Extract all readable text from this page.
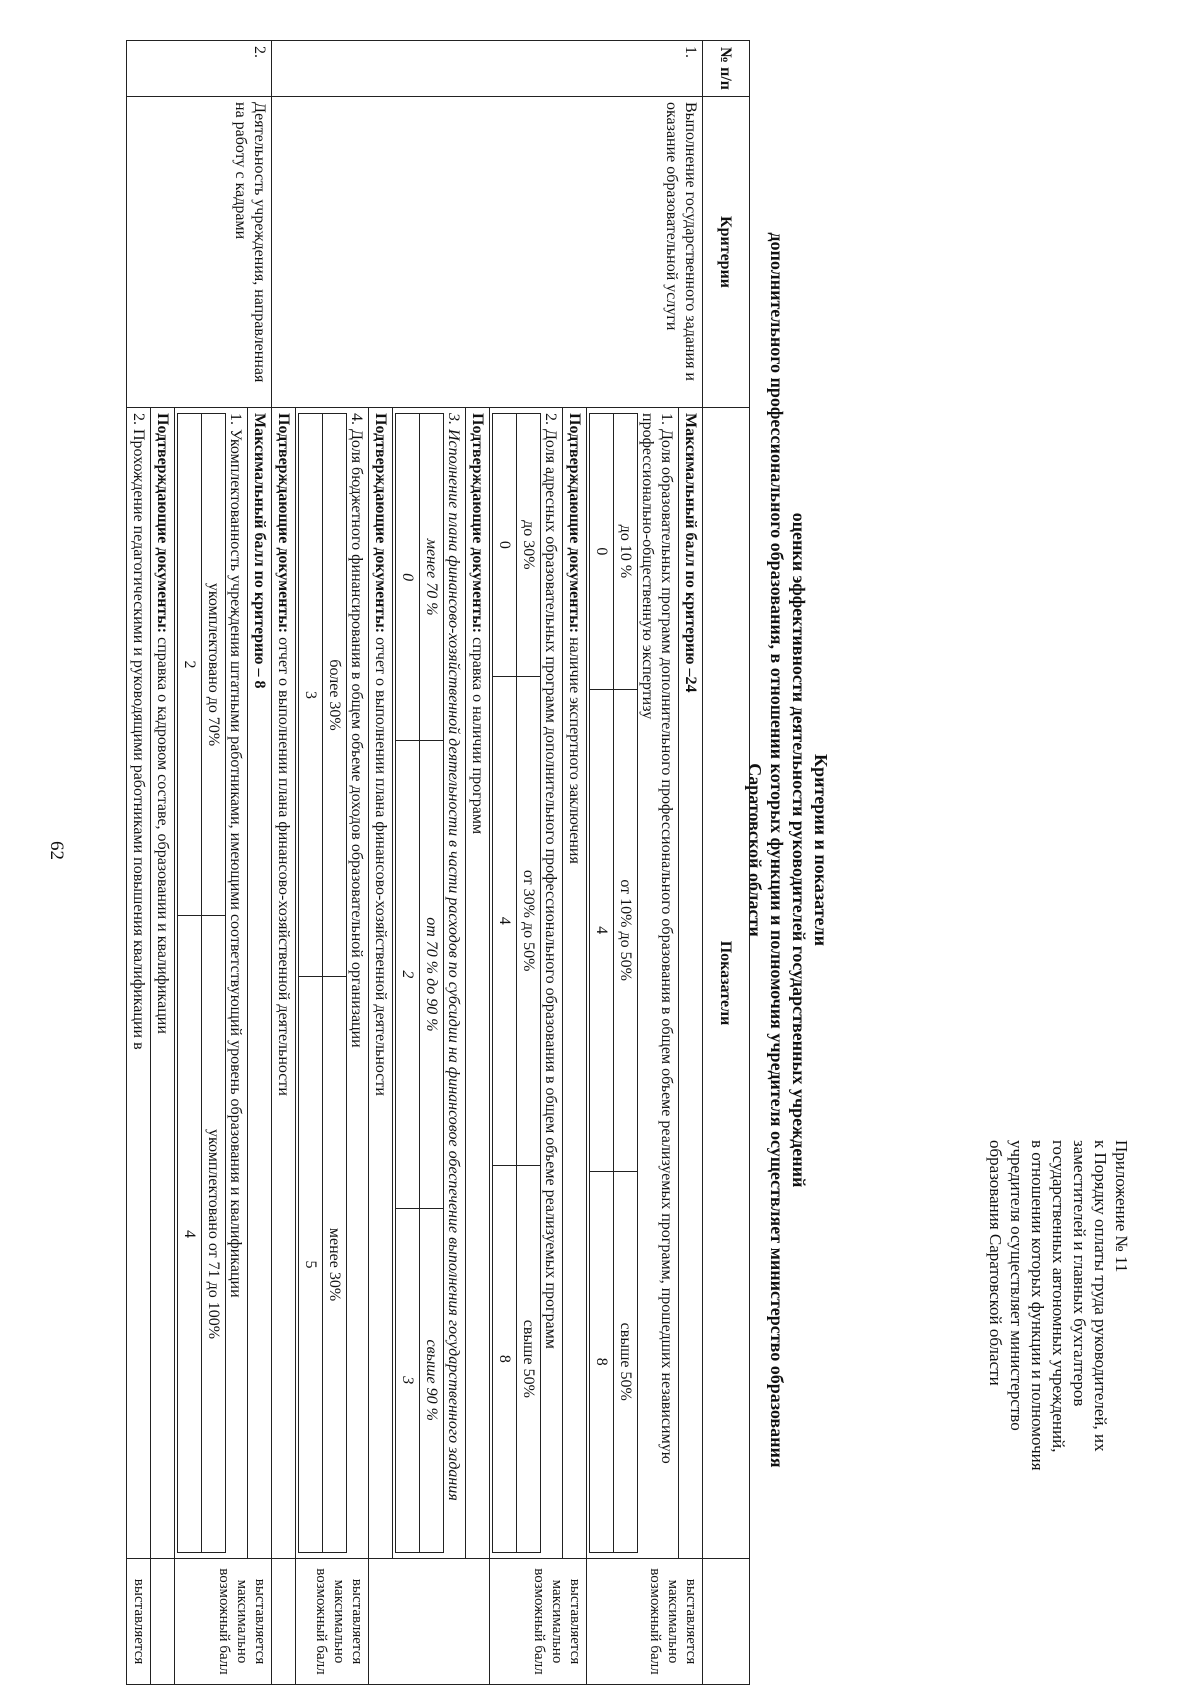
62
Приложение № 11
к Порядку оплаты труда руководителей, их
заместителей и главных бухгалтеров
государственных автономных учреждений,
в отношении которых функции и полномочия
учредителя осуществляет министерство
образования Саратовской области
Критерии и показатели
оценки эффективности деятельности руководителей государственных учреждений
дополнительного профессионального образования, в отношении которых функции и полномочия учредителя осуществляет министерство образования
Саратовской области
№ п/п	Критерии	Показатели	
1.	Выполнение государственного задания и оказание образовательной услуги	Максимальный балл по критерию –24	выставляется максимально возможный балл

1. Доля образовательных программ дополнительного профессионального образования в общем объеме реализуемых программ, прошедших независимую профессионально-общественную экспертизу
до 10 %	от 10% до 50%	свыше 50%
0	4	8

Подтверждающие документы: наличие экспертного заключения	выставляется максимально возможный балл

2. Доля адресных образовательных программ дополнительного профессионального образования в общем объеме реализуемых программ
до 30%	от 30% до 50%	свыше 50%
0	4	8

Подтверждающие документы: справка о наличии программ	

3. Исполнение плана финансово-хозяйственной деятельности в части расходов по субсидии на финансовое обеспечение выполнения государственного задания
менее 70 %	от 70 % до 90 %	свыше 90 %
0	2	3

Подтверждающие документы: отчет о выполнении плана финансово-хозяйственной деятельности

4. Доля бюджетного финансирования в общем объеме доходов образовательной организации
более 30%	менее 30%
3	5
	выставляется максимально возможный балл
Подтверждающие документы: отчет о выполнении плана финансово-хозяйственной деятельности	
2.	Деятельность учреждения, направленная на работу с кадрами	Максимальный балл по критерию – 8	выставляется максимально возможный балл

1. Укомплектованность учреждения штатными работниками, имеющими соответствующий уровень образования и квалификации
укомплектовано до 70%	укомплектовано от 71 до 100%
2	4

Подтверждающие документы: справка о кадровом составе, образовании и квалификации	
2. Прохождение педагогическими и руководящими работниками повышения квалификации в	выставляется
